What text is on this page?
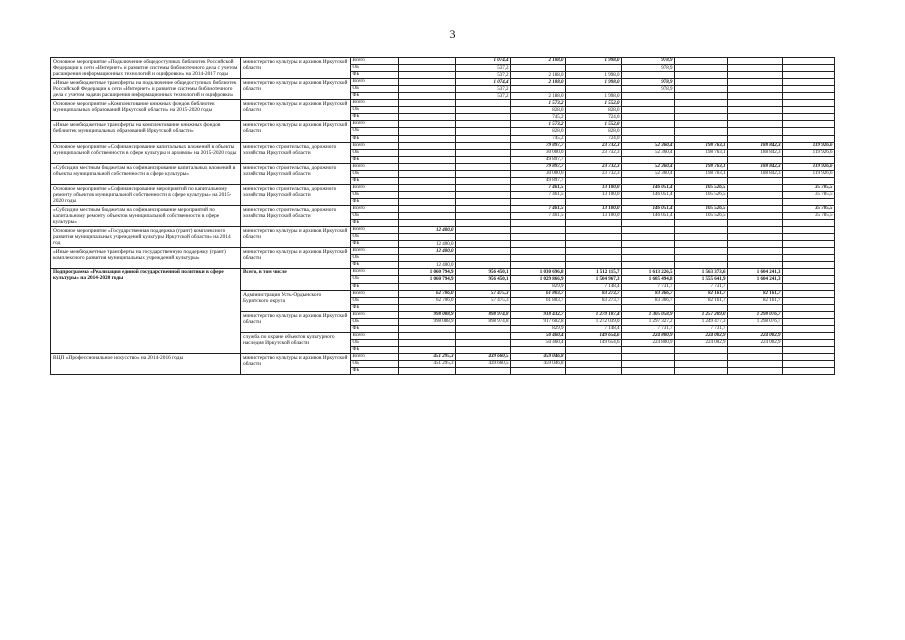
3
Основное мероприятие «Подключение общедоступных библиотек Российской Федерации к сети «Интернет» и развитие системы библиотечного дела с учетом расширения информационных технологий и оцифровки» на 2014-2017 годы	министерство культуры и архивов Иркутской области	Всего		1 074,4	2 188,0	1 998,0	978,9			
		ОБ		537,2			978,9			
		ФБ		537,2	2 188,0	1 998,0				
«Иные межбюджетные трансферты на подключение общедоступных библиотек Российской Федерации к сети «Интернет» и развитие системы библиотечного дела с учетом задачи расширения информационных технологий и оцифровки»	министерство культуры и архивов Иркутской области	Всего		1 074,4	2 188,0	1 998,0	978,9			
		ОБ		537,2			978,9			
		ФБ		537,2	2 188,0	1 998,0				
Основное мероприятие «Комплектование книжных фондов библиотек муниципальных образований Иркутской области» на 2015-2020 годы	министерство культуры и архивов Иркутской области	Всего			1 573,2	1 552,0				
		ОБ			828,0	828,0				
		ФБ			745,2	724,0				
«Иные межбюджетные трансферты на комплектование книжных фондов библиотек муниципальных образований Иркутской области»	министерство культуры и архивов Иркутской области	Всего			1 573,2	1 552,0				
		ОБ			828,0	828,0				
		ФБ			745,2	724,0				
Основное мероприятие «Софинансирование капитальных вложений в объекты муниципальной собственности в сфере культуры и архивов» на 2015-2020 годы	министерство строительства, дорожного хозяйства Иркутской области	Всего			79 897,7	23 732,3	52 360,4	198 763,1	188 842,3	119 926,6
		ОБ			30 000,0	23 732,3	52 360,4	198 763,1	188 842,3	119 926,6
		ФБ			49 897,7					
«Субсидии местным бюджетам на софинансирование капитальных вложений в объекты муниципальной собственности в сфере культуры»	министерство строительства, дорожного хозяйства Иркутской области	Всего			79 897,7	23 732,3	52 360,4	198 763,1	188 842,3	119 926,6
		ОБ			30 000,0	23 732,3	52 360,4	198 763,1	188 842,3	119 926,6
		ФБ			49 897,7					
Основное мероприятие «Софинансирование мероприятий по капитальному ремонту объектов муниципальной собственности в сфере культуры» на 2015-2020 годы	министерство строительства, дорожного хозяйства Иркутской области	Всего			7 461,5	13 100,0	146 051,4	105 526,5		35 785,5
		ОБ			7 461,5	13 100,0	146 051,4	105 526,5		35 785,5
		ФБ								
«Субсидии местным бюджетам на софинансирование мероприятий по капитальному ремонту объектов муниципальной собственности в сфере культуры»	министерство строительства, дорожного хозяйства Иркутской области	Всего			7 461,5	13 100,0	146 051,4	105 526,5		35 785,5
		ОБ			7 461,5	13 100,0	146 051,4	105 526,5		35 785,5
		ФБ								
Основное мероприятие «Государственная поддержка (грант) комплексного развития муниципальных учреждений культуры Иркутской области» на 2014 год	министерство культуры и архивов Иркутской области	Всего	12 400,0							
		ОБ								
		ФБ	12 400,0							
«Иные межбюджетные трансферты на государственную поддержку (грант) комплексного развития муниципальных учреждений культуры»	министерство культуры и архивов Иркутской области	Всего	12 400,0							
		ОБ								
		ФБ	12 400,0							
Подпрограмма «Реализация единой государственной политики в сфере культуры» на 2014-2020 годы	Всего, в том числе	Всего	1 060 794,9	956 450,1	1 030 696,8	1 512 115,7	1 613 226,5	1 563 373,6	1 604 241,3	
		ОБ	1 060 794,9	956 450,1	1 029 866,9	1 504 967,3	1 605 494,8	1 555 641,9	1 604 241,3	
		ФБ			829,9	7 148,4	7 731,7	7 731,7		
	Администрация Усть-Ордынского Бурятского округа	Всего	62 706,0	57 475,3	61 803,7	83 273,7	83 366,7	82 161,7	82 161,7	
		ОБ	62 706,0	57 475,3	61 803,7	83 273,7	83 366,7	82 161,7	82 161,7	
		ФБ								
	министерство культуры и архивов Иркутской области	Всего	998 088,9	898 974,8	918 432,7	1 279 187,4	1 305 058,9	1 257 209,0	1 298 076,7	
		ОБ	998 088,9	898 974,8	917 602,8	1 272 039,0	1 297 327,2	1 249 477,3	1 298 076,7	
		ФБ			829,9	7 148,4	7 731,7	7 731,7		
	служба по охране объектов культурного наследия Иркутской области	Всего			50 460,4	149 654,6	224 800,9	224 002,9	224 002,9	
		ОБ			50 460,4	149 654,6	224 800,9	224 002,9	224 002,9	
		ФБ								
ВЦП «Профессиональное искусство» на 2014-2016 годы	министерство культуры и архивов Иркутской области	Всего	451 295,3	439 660,5	459 046,8					
		ОБ	451 295,3	439 660,5	459 046,8					
		ФБ								
